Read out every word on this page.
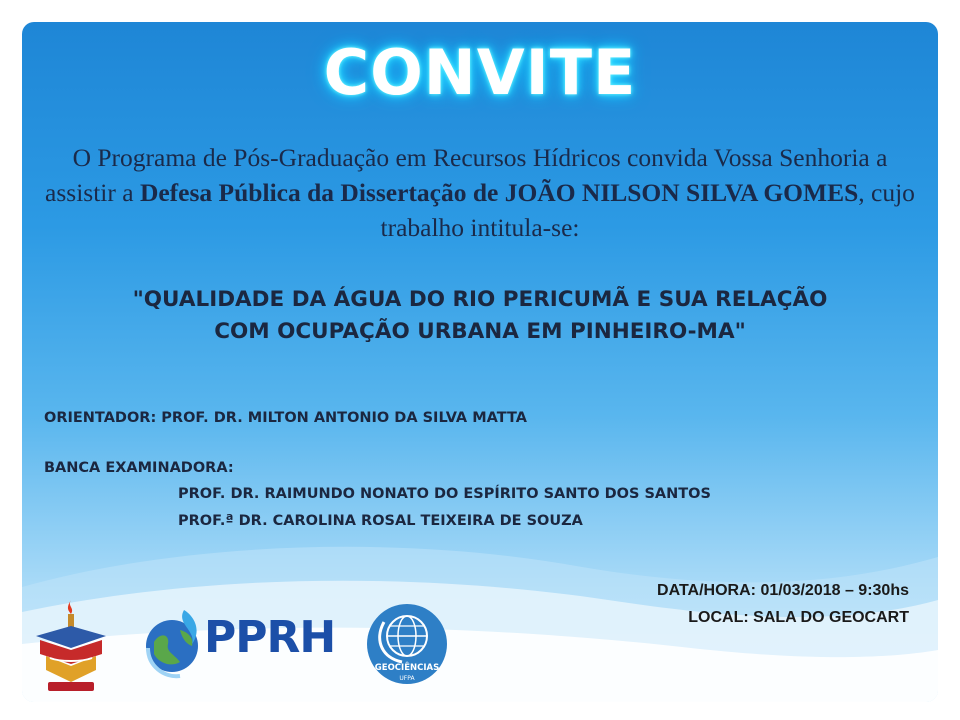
CONVITE

O Programa de Pós-Graduação em Recursos Hídricos convida Vossa Senhoria a assistir a Defesa Pública da Dissertação de JOÃO NILSON SILVA GOMES, cujo trabalho intitula-se:

"QUALIDADE DA ÁGUA DO RIO PERICUMÃ E SUA RELAÇÃO
COM OCUPAÇÃO URBANA EM PINHEIRO-MA"
ORIENTADOR: PROF. DR. MILTON ANTONIO DA SILVA MATTA
BANCA EXAMINADORA:
PROF. DR. RAIMUNDO NONATO DO ESPÍRITO SANTO DOS SANTOS
PROF.ª DR. CAROLINA ROSAL TEIXEIRA DE SOUZA
DATA/HORA: 01/03/2018 – 9:30hs
LOCAL: SALA DO GEOCART
PPRH
GEOCIÊNCIAS
UFPA
